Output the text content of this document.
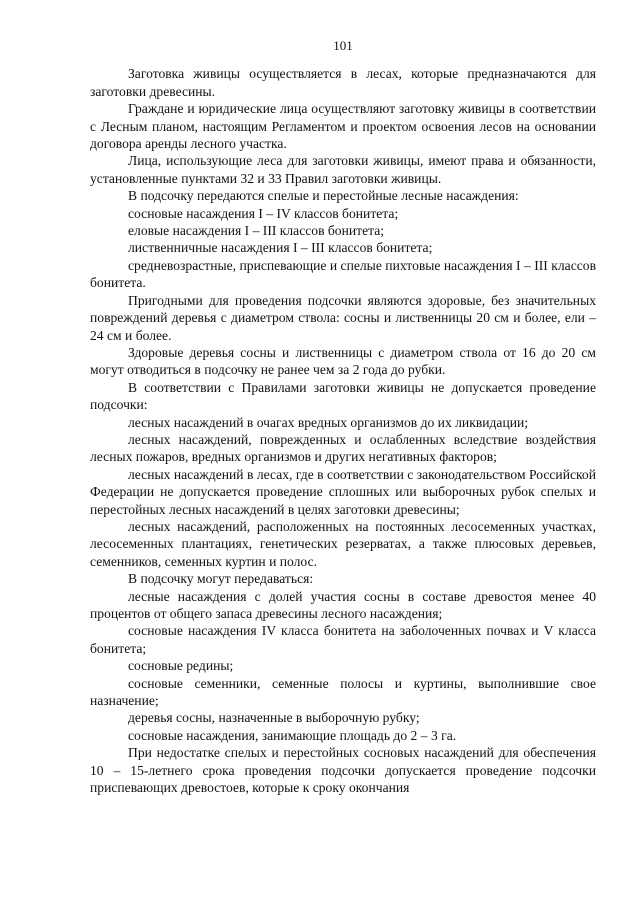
101

Заготовка живицы осуществляется в лесах, которые предназначаются для заготовки древесины.

Граждане и юридические лица осуществляют заготовку живицы в соответствии с Лесным планом, настоящим Регламентом и проектом освоения лесов на основании договора аренды лесного участка.

Лица, использующие леса для заготовки живицы, имеют права и обязанности, установленные пунктами 32 и 33 Правил заготовки живицы.

В подсочку передаются спелые и перестойные лесные насаждения:

сосновые насаждения I – IV классов бонитета;

еловые насаждения I – III классов бонитета;

лиственничные насаждения I – III классов бонитета;

средневозрастные, приспевающие и спелые пихтовые насаждения I – III классов бонитета.

Пригодными для проведения подсочки являются здоровые, без значительных повреждений деревья с диаметром ствола: сосны и лиственницы 20 см и более, ели – 24 см и более.

Здоровые деревья сосны и лиственницы с диаметром ствола от 16 до 20 см могут отводиться в подсочку не ранее чем за 2 года до рубки.

В соответствии с Правилами заготовки живицы не допускается проведение подсочки:

лесных насаждений в очагах вредных организмов до их ликвидации;

лесных насаждений, поврежденных и ослабленных вследствие воздействия лесных пожаров, вредных организмов и других негативных факторов;

лесных насаждений в лесах, где в соответствии с законодательством Российской Федерации не допускается проведение сплошных или выборочных рубок спелых и перестойных лесных насаждений в целях заготовки древесины;

лесных насаждений, расположенных на постоянных лесосеменных участках, лесосеменных плантациях, генетических резерватах, а также плюсовых деревьев, семенников, семенных куртин и полос.

В подсочку могут передаваться:

лесные насаждения с долей участия сосны в составе древостоя менее 40 процентов от общего запаса древесины лесного насаждения;

сосновые насаждения IV класса бонитета на заболоченных почвах и V класса бонитета;

сосновые редины;

сосновые семенники, семенные полосы и куртины, выполнившие свое назначение;

деревья сосны, назначенные в выборочную рубку;

сосновые насаждения, занимающие площадь до 2 – 3 га.

При недостатке спелых и перестойных сосновых насаждений для обеспечения 10 – 15-летнего срока проведения подсочки допускается проведение подсочки приспевающих древостоев, которые к сроку окончания
